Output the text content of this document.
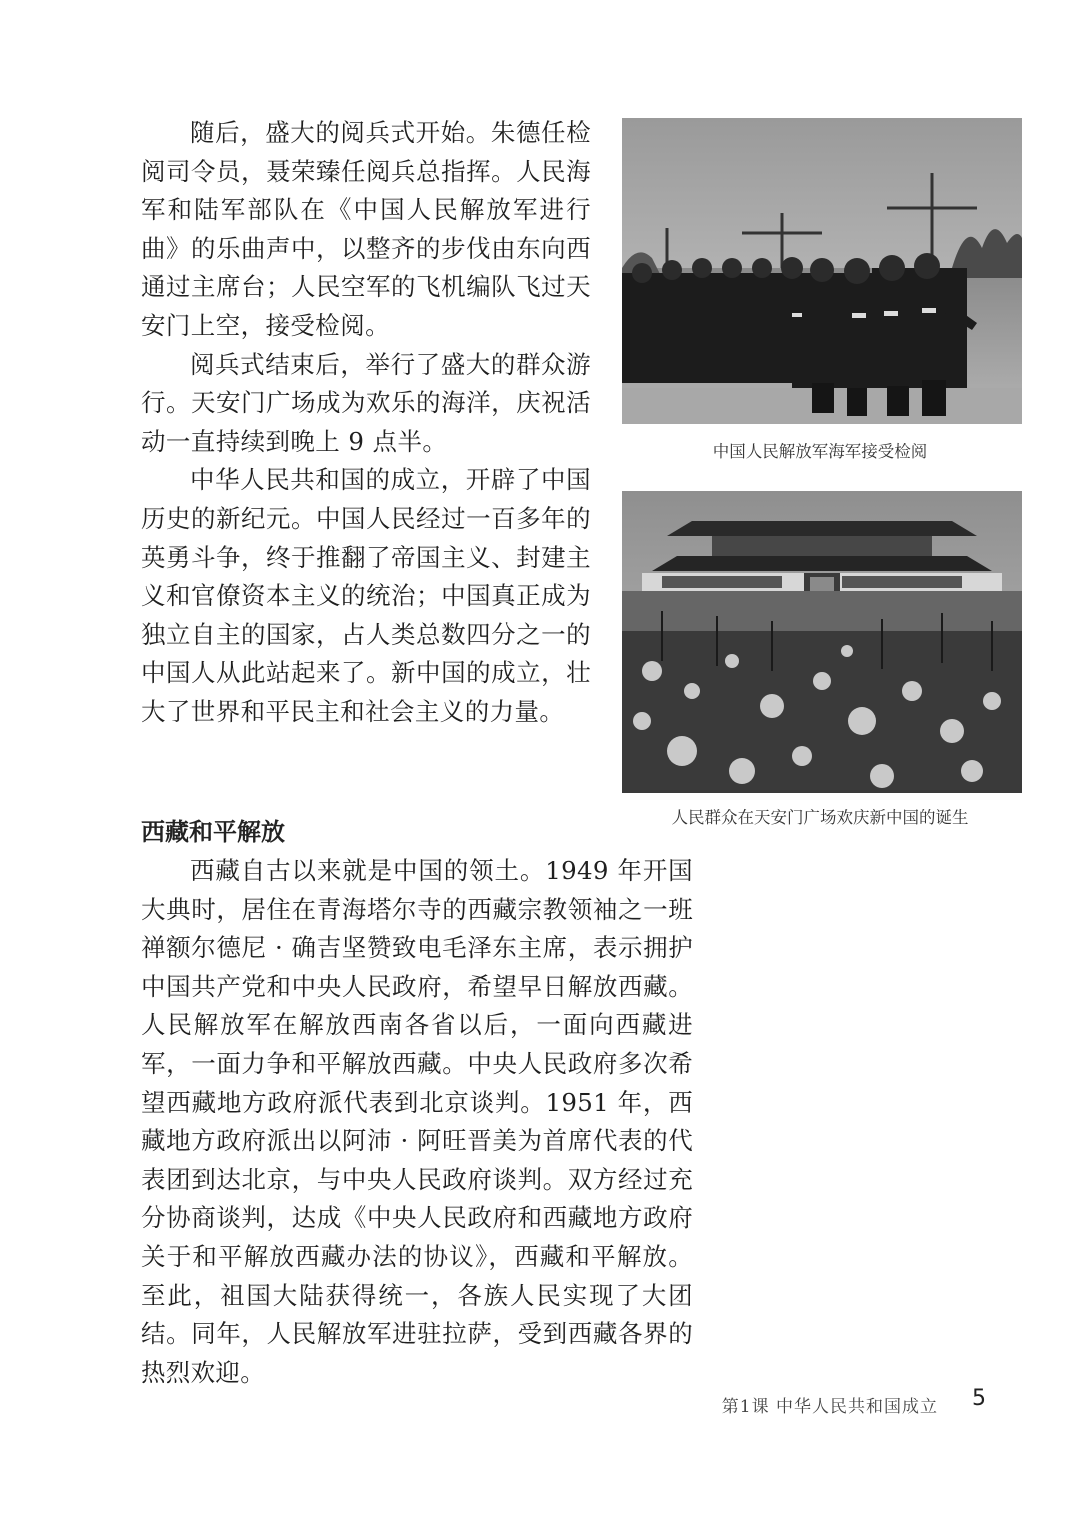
随后，盛大的阅兵式开始。朱德任检阅司令员，聂荣臻任阅兵总指挥。人民海军和陆军部队在《中国人民解放军进行曲》的乐曲声中，以整齐的步伐由东向西通过主席台；人民空军的飞机编队飞过天安门上空，接受检阅。

阅兵式结束后，举行了盛大的群众游行。天安门广场成为欢乐的海洋，庆祝活动一直持续到晚上 9 点半。

中华人民共和国的成立，开辟了中国历史的新纪元。中国人民经过一百多年的英勇斗争，终于推翻了帝国主义、封建主义和官僚资本主义的统治；中国真正成为独立自主的国家，占人类总数四分之一的中国人从此站起来了。新中国的成立，壮大了世界和平民主和社会主义的力量。

中国人民解放军海军接受检阅
人民群众在天安门广场欢庆新中国的诞生
西藏和平解放

西藏自古以来就是中国的领土。1949 年开国大典时，居住在青海塔尔寺的西藏宗教领袖之一班禅额尔德尼 · 确吉坚赞致电毛泽东主席，表示拥护中国共产党和中央人民政府，希望早日解放西藏。人民解放军在解放西南各省以后，一面向西藏进军，一面力争和平解放西藏。中央人民政府多次希望西藏地方政府派代表到北京谈判。1951 年，西藏地方政府派出以阿沛 · 阿旺晋美为首席代表的代表团到达北京，与中央人民政府谈判。双方经过充分协商谈判，达成《中央人民政府和西藏地方政府关于和平解放西藏办法的协议》，西藏和平解放。至此，祖国大陆获得统一，各族人民实现了大团结。同年，人民解放军进驻拉萨，受到西藏各界的热烈欢迎。

第1课 中华人民共和国成立 5
